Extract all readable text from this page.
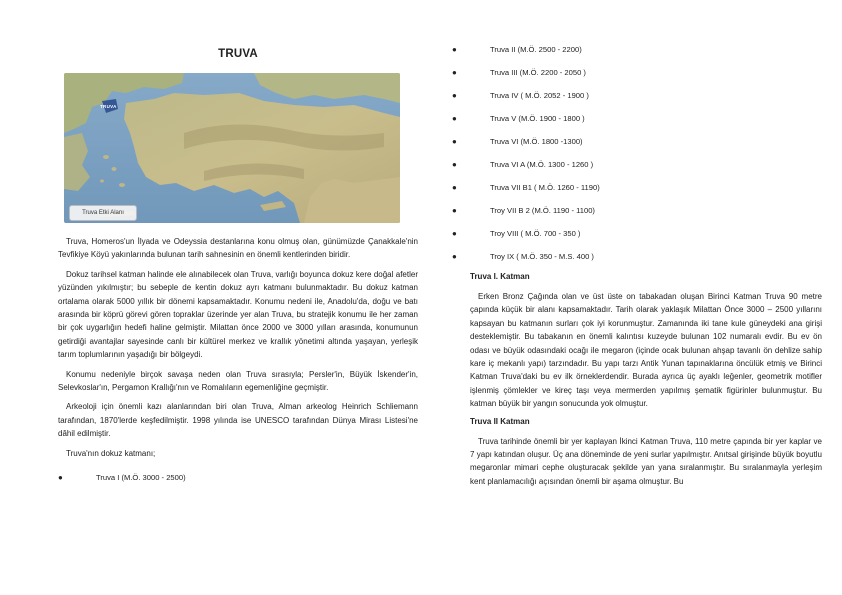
TRUVA
TRUVA
Truva Etki Alanı

Truva, Homeros'un İlyada ve Odeyssia destanlarına konu olmuş olan, günümüzde Çanakkale'nin Tevfikiye Köyü yakınlarında bulunan tarih sahnesinin en önemli kentlerinden biridir.

Dokuz tarihsel katman halinde ele alınabilecek olan Truva, varlığı boyunca dokuz kere doğal afetler yüzünden yıkılmıştır; bu sebeple de kentin dokuz ayrı katmanı bulunmaktadır. Bu dokuz katman ortalama olarak 5000 yıllık bir dönemi kapsamaktadır. Konumu nedeni ile, Anadolu'da, doğu ve batı arasında bir köprü görevi gören topraklar üzerinde yer alan Truva, bu stratejik konumu ile her zaman bir çok uygarlığın hedefi haline gelmiştir. Milattan önce 2000 ve 3000 yılları arasında, konumunun getirdiği avantajlar sayesinde canlı bir kültürel merkez ve krallık yönetimi altında yaşayan, yerleşik tarım toplumlarının yaşadığı bir bölgeydi.

Konumu nedeniyle birçok savaşa neden olan Truva sırasıyla; Persler'in, Büyük İskender'in, Selevkoslar'ın, Pergamon Krallığı'nın ve Romalıların egemenliğine geçmiştir.

Arkeoloji için önemli kazı alanlarından biri olan Truva, Alman arkeolog Heinrich Schliemann tarafından, 1870'lerde keşfedilmiştir. 1998 yılında ise UNESCO tarafından Dünya Mirası Listesi'ne dâhil edilmiştir.

Truva'nın dokuz katmanı;

●	Truva I (M.Ö. 3000 - 2500)
●	Truva II (M.Ö. 2500 - 2200)
●	Truva III (M.Ö. 2200 - 2050 )
●	Truva IV ( M.Ö. 2052 - 1900 )
●	Truva V (M.Ö. 1900 - 1800 )
●	Truva VI (M.Ö. 1800 -1300)
●	Truva VI A (M.Ö. 1300 - 1260 )
●	Truva VII B1 ( M.Ö. 1260 - 1190)
●	Troy VII B 2 (M.Ö. 1190 - 1100)
●	Troy VIII ( M.Ö. 700 - 350 )
●	Troy IX ( M.Ö. 350 - M.S. 400 )
Truva I. Katman

Erken Bronz Çağında olan ve üst üste on tabakadan oluşan Birinci Katman Truva 90 metre çapında küçük bir alanı kapsamaktadır. Tarih olarak yaklaşık Milattan Önce 3000 – 2500 yıllarını kapsayan bu katmanın surları çok iyi korunmuştur. Zamanında iki tane kule güneydeki ana girişi desteklemiştir. Bu tabakanın en önemli kalıntısı kuzeyde bulunan 102 numaralı evdir. Bu ev ön odası ve büyük odasındaki ocağı ile megaron (içinde ocak bulunan ahşap tavanlı ön dehlize sahip kare iç mekanlı yapı) tarzındadır. Bu yapı tarzı Antik Yunan tapınaklarına öncülük etmiş ve Birinci Katman Truva'daki bu ev ilk örneklerdendir. Burada ayrıca üç ayaklı leğenler, geometrik motifler işlenmiş çömlekler ve kireç taşı veya mermerden yapılmış şematik figürinler bulunmuştur. Bu katman büyük bir yangın sonucunda yok olmuştur.

Truva II Katman

Truva tarihinde önemli bir yer kaplayan İkinci Katman Truva, 110 metre çapında bir yer kaplar ve 7 yapı katından oluşur. Üç ana döneminde de yeni surlar yapılmıştır. Anıtsal girişinde büyük boyutlu megaronlar mimari cephe oluşturacak şekilde yan yana sıralanmıştır. Bu sıralanmayla yerleşim kent planlamacılığı açısından önemli bir aşama olmuştur. Bu
